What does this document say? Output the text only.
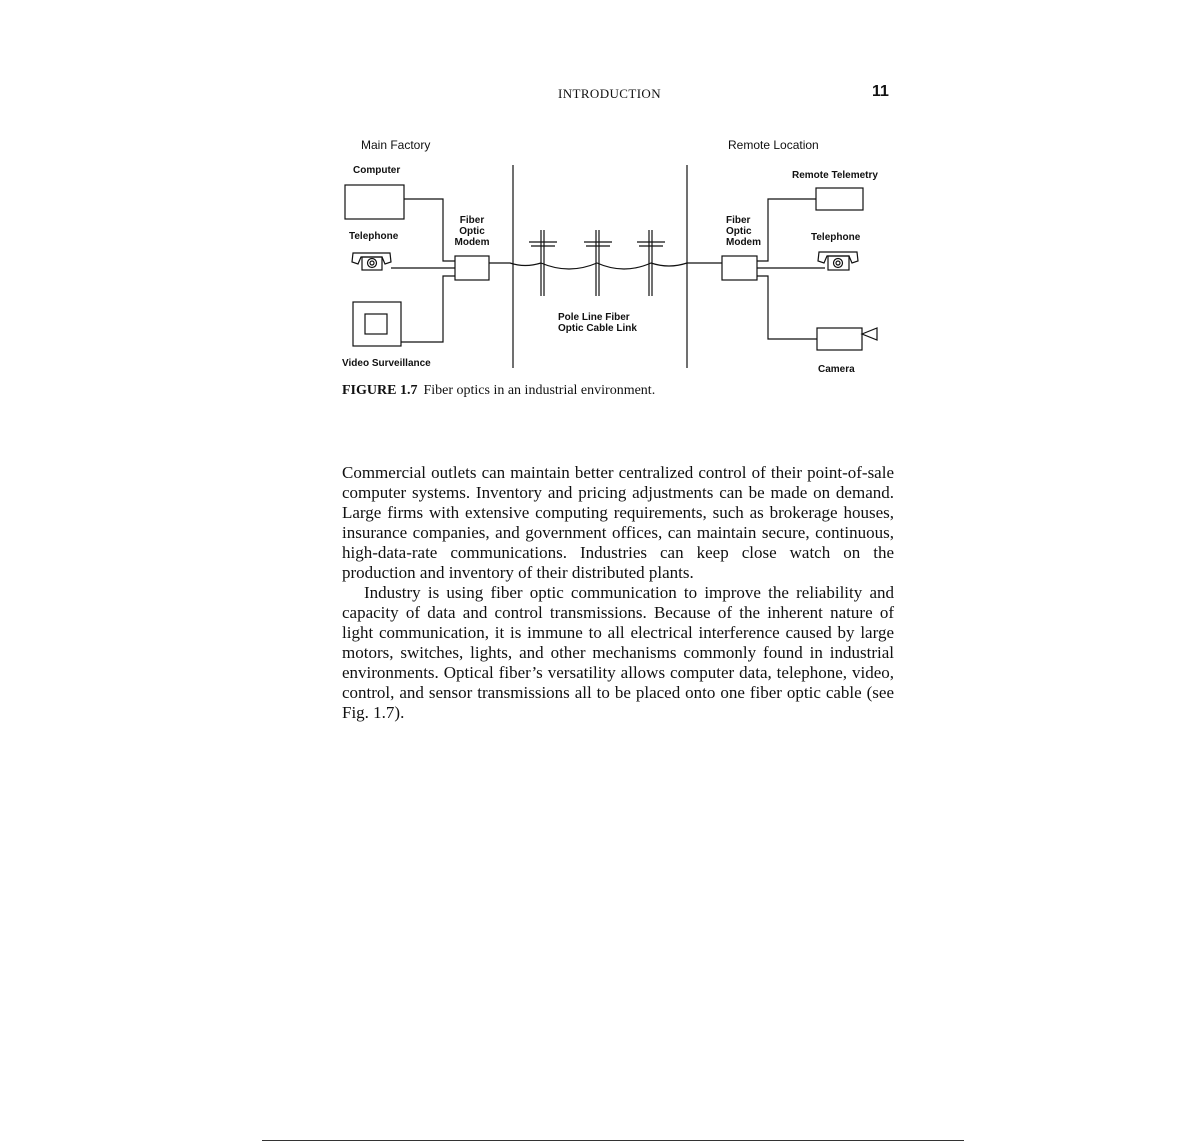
INTRODUCTION	11
Main Factory	Remote Location
Computer
Telephone
Video Surveillance
Fiber
Optic
Modem
Fiber
Optic
Modem
Pole Line Fiber
Optic Cable Link
Remote Telemetry
Telephone
Camera
FIGURE 1.7 Fiber optics in an industrial environment.

Commercial outlets can maintain better centralized control of their point-of-sale computer systems. Inventory and pricing adjustments can be made on demand. Large firms with extensive computing requirements, such as brokerage houses, insurance companies, and government offices, can maintain secure, continuous, high-data-rate communications. Industries can keep close watch on the production and inventory of their distributed plants.

Industry is using fiber optic communication to improve the reliability and capacity of data and control transmissions. Because of the inherent nature of light communication, it is immune to all electrical interference caused by large motors, switches, lights, and other mechanisms commonly found in industrial environments. Optical fiber’s versatility allows computer data, telephone, video, control, and sensor transmissions all to be placed onto one fiber optic cable (see Fig. 1.7).
